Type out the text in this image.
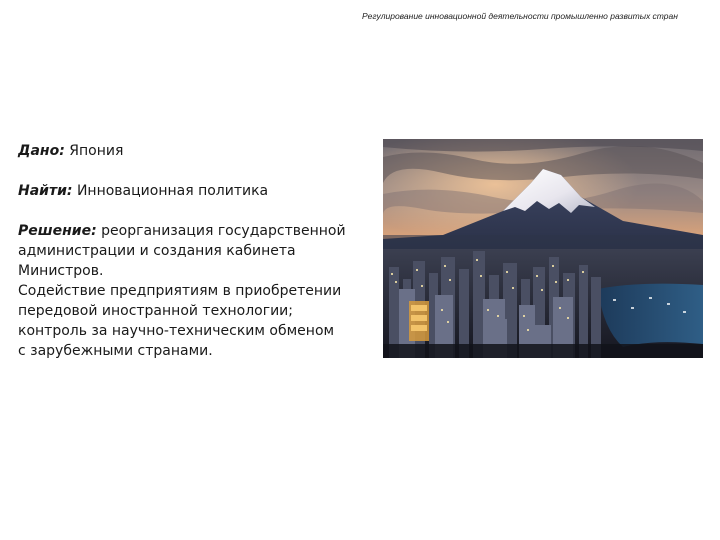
Регулирование инновационной деятельности промышленно развитых стран
Дано: Япония
Найти: Инновационная политика
Решение: реорганизация государственной
администрации и создания кабинета
Министров.
Содействие предприятиям в приобретении
передовой иностранной технологии;
контроль за научно-техническим обменом
с зарубежными странами.
